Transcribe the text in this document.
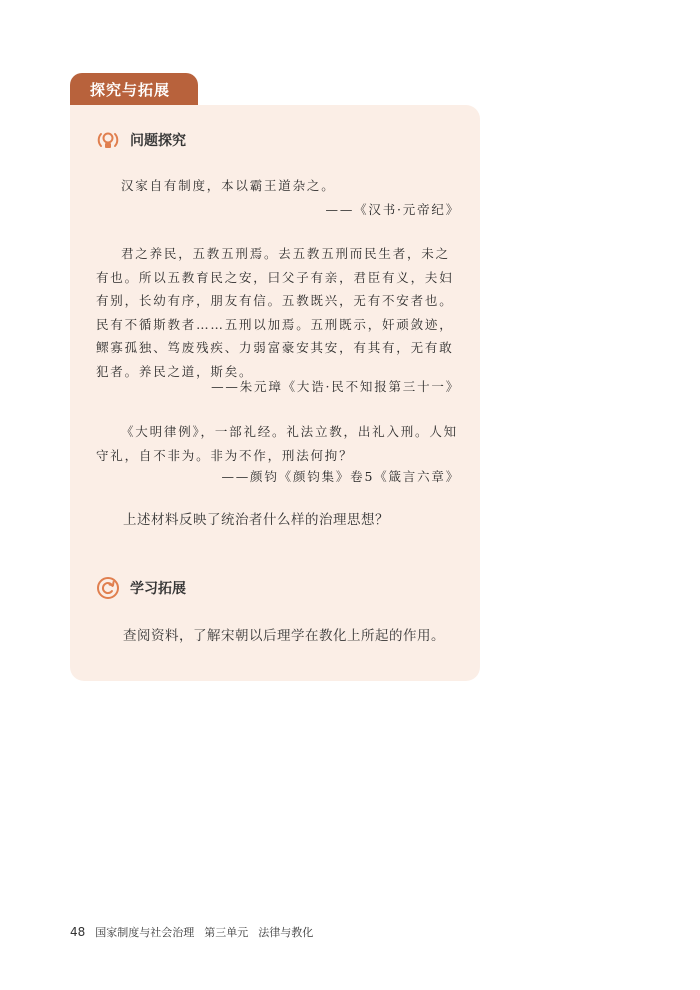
探究与拓展
问题探究
汉家自有制度，本以霸王道杂之。
——《汉书·元帝纪》
君之养民，五教五刑焉。去五教五刑而民生者，未之有也。所以五教育民之安，曰父子有亲，君臣有义，夫妇有别，长幼有序，朋友有信。五教既兴，无有不安者也。民有不循斯教者……五刑以加焉。五刑既示，奸顽敛迹，鳏寡孤独、笃废残疾、力弱富豪安其安，有其有，无有敢犯者。养民之道，斯矣。
——朱元璋《大诰·民不知报第三十一》
《大明律例》，一部礼经。礼法立教，出礼入刑。人知守礼，自不非为。非为不作，刑法何拘？
——颜钧《颜钧集》卷5《箴言六章》
上述材料反映了统治者什么样的治理思想？
学习拓展
查阅资料，了解宋朝以后理学在教化上所起的作用。
48 国家制度与社会治理 第三单元 法律与教化
